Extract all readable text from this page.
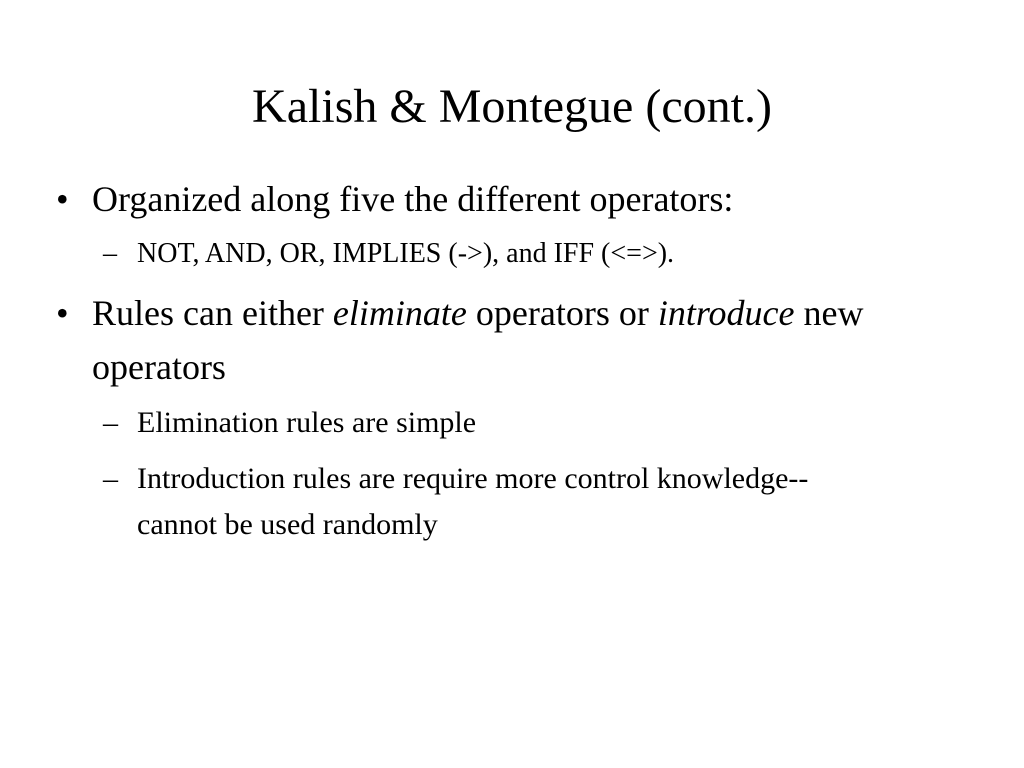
Kalish & Montegue (cont.)
• Organized along five the different operators:
– NOT, AND, OR, IMPLIES (->), and IFF (<=>).
• Rules can either eliminate operators or introduce new operators
– Elimination rules are simple
– Introduction rules are require more control knowledge--cannot be used randomly
